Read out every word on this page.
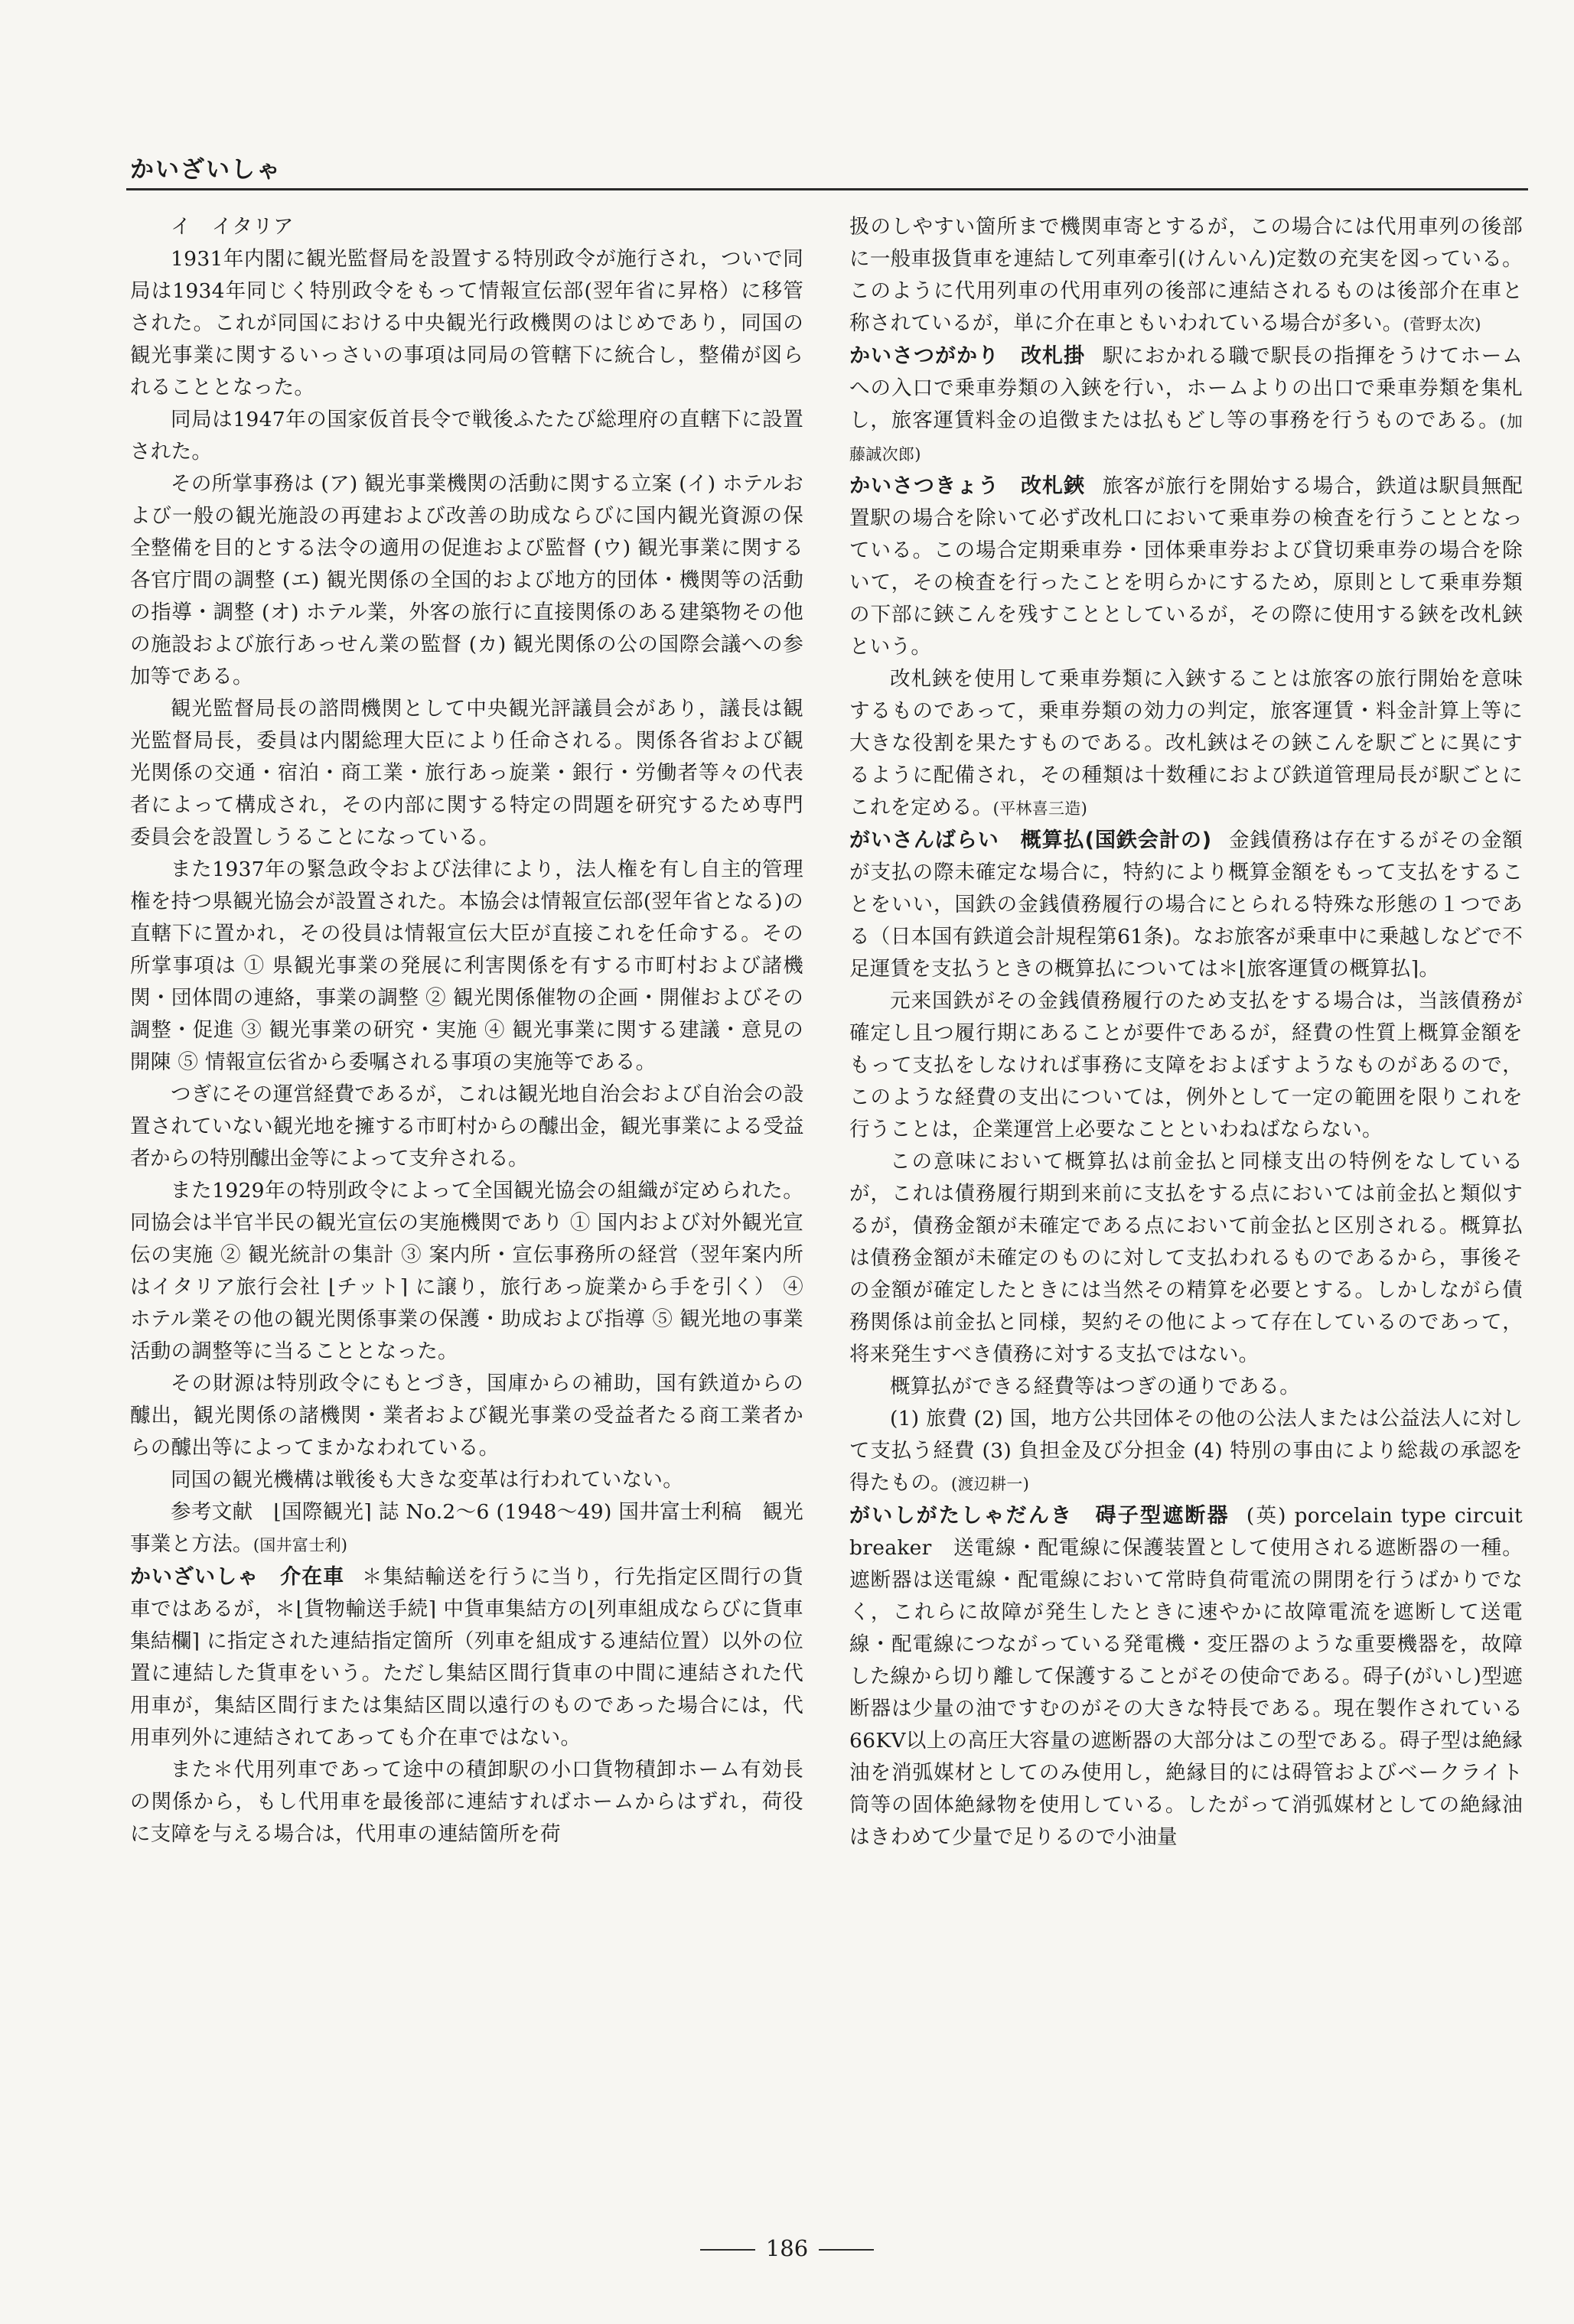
かいざいしゃ

イ　イタリア

1931年内閣に観光監督局を設置する特別政令が施行され，ついで同局は1934年同じく特別政令をもって情報宣伝部(翌年省に昇格）に移管された。これが同国における中央観光行政機関のはじめであり，同国の観光事業に関するいっさいの事項は同局の管轄下に統合し，整備が図られることとなった。

同局は1947年の国家仮首長令で戦後ふたたび総理府の直轄下に設置された。

その所掌事務は (ア) 観光事業機関の活動に関する立案 (イ) ホテルおよび一般の観光施設の再建および改善の助成ならびに国内観光資源の保全整備を目的とする法令の適用の促進および監督 (ウ) 観光事業に関する各官庁間の調整 (エ) 観光関係の全国的および地方的団体・機関等の活動の指導・調整 (オ) ホテル業，外客の旅行に直接関係のある建築物その他の施設および旅行あっせん業の監督 (カ) 観光関係の公の国際会議への参加等である。

観光監督局長の諮問機関として中央観光評議員会があり，議長は観光監督局長，委員は内閣総理大臣により任命される。関係各省および観光関係の交通・宿泊・商工業・旅行あっ旋業・銀行・労働者等々の代表者によって構成され，その内部に関する特定の問題を研究するため専門委員会を設置しうることになっている。

また1937年の緊急政令および法律により，法人権を有し自主的管理権を持つ県観光協会が設置された。本協会は情報宣伝部(翌年省となる)の直轄下に置かれ，その役員は情報宣伝大臣が直接これを任命する。その所掌事項は ① 県観光事業の発展に利害関係を有する市町村および諸機関・団体間の連絡，事業の調整 ② 観光関係催物の企画・開催およびその調整・促進 ③ 観光事業の研究・実施 ④ 観光事業に関する建議・意見の開陳 ⑤ 情報宣伝省から委嘱される事項の実施等である。

つぎにその運営経費であるが，これは観光地自治会および自治会の設置されていない観光地を擁する市町村からの醵出金，観光事業による受益者からの特別醵出金等によって支弁される。

また1929年の特別政令によって全国観光協会の組織が定められた。同協会は半官半民の観光宣伝の実施機関であり ① 国内および対外観光宣伝の実施 ② 観光統計の集計 ③ 案内所・宣伝事務所の経営（翌年案内所はイタリア旅行会社 ⌊チット⌉ に譲り，旅行あっ旋業から手を引く） ④ ホテル業その他の観光関係事業の保護・助成および指導 ⑤ 観光地の事業活動の調整等に当ることとなった。

その財源は特別政令にもとづき，国庫からの補助，国有鉄道からの醵出，観光関係の諸機関・業者および観光事業の受益者たる商工業者からの醵出等によってまかなわれている。

同国の観光機構は戦後も大きな変革は行われていない。

参考文献　⌊国際観光⌉ 誌 No.2～6 (1948～49) 国井富士利稿　観光事業と方法。(国井富士利)

かいざいしゃ　介在車 ＊集結輸送を行うに当り，行先指定区間行の貨車ではあるが，＊⌊貨物輸送手続⌉ 中貨車集結方の⌊列車組成ならびに貨車集結欄⌉ に指定された連結指定箇所（列車を組成する連結位置）以外の位置に連結した貨車をいう。ただし集結区間行貨車の中間に連結された代用車が，集結区間行または集結区間以遠行のものであった場合には，代用車列外に連結されてあっても介在車ではない。

また＊代用列車であって途中の積卸駅の小口貨物積卸ホーム有効長の関係から，もし代用車を最後部に連結すればホームからはずれ，荷役に支障を与える場合は，代用車の連結箇所を荷

扱のしやすい箇所まで機関車寄とするが，この場合には代用車列の後部に一般車扱貨車を連結して列車牽引(けんいん)定数の充実を図っている。このように代用列車の代用車列の後部に連結されるものは後部介在車と称されているが，単に介在車ともいわれている場合が多い。(菅野太次)

かいさつがかり　改札掛 駅におかれる職で駅長の指揮をうけてホームへの入口で乗車券類の入鋏を行い，ホームよりの出口で乗車券類を集札し，旅客運賃料金の追徴または払もどし等の事務を行うものである。(加藤誠次郎)

かいさつきょう　改札鋏 旅客が旅行を開始する場合，鉄道は駅員無配置駅の場合を除いて必ず改札口において乗車券の検査を行うこととなっている。この場合定期乗車券・団体乗車券および貸切乗車券の場合を除いて，その検査を行ったことを明らかにするため，原則として乗車券類の下部に鋏こんを残すこととしているが，その際に使用する鋏を改札鋏という。

改札鋏を使用して乗車券類に入鋏することは旅客の旅行開始を意味するものであって，乗車券類の効力の判定，旅客運賃・料金計算上等に大きな役割を果たすものである。改札鋏はその鋏こんを駅ごとに異にするように配備され，その種類は十数種におよび鉄道管理局長が駅ごとにこれを定める。(平林喜三造)

がいさんばらい　概算払(国鉄会計の) 金銭債務は存在するがその金額が支払の際未確定な場合に，特約により概算金額をもって支払をすることをいい，国鉄の金銭債務履行の場合にとられる特殊な形態の１つである（日本国有鉄道会計規程第61条)。なお旅客が乗車中に乗越しなどで不足運賃を支払うときの概算払については＊⌊旅客運賃の概算払⌉。

元来国鉄がその金銭債務履行のため支払をする場合は，当該債務が確定し且つ履行期にあることが要件であるが，経費の性質上概算金額をもって支払をしなければ事務に支障をおよぼすようなものがあるので，このような経費の支出については，例外として一定の範囲を限りこれを行うことは，企業運営上必要なことといわねばならない。

この意味において概算払は前金払と同様支出の特例をなしているが，これは債務履行期到来前に支払をする点においては前金払と類似するが，債務金額が未確定である点において前金払と区別される。概算払は債務金額が未確定のものに対して支払われるものであるから，事後その金額が確定したときには当然その精算を必要とする。しかしながら債務関係は前金払と同様，契約その他によって存在しているのであって，将来発生すべき債務に対する支払ではない。

概算払ができる経費等はつぎの通りである。

(1) 旅費 (2) 国，地方公共団体その他の公法人または公益法人に対して支払う経費 (3) 負担金及び分担金 (4) 特別の事由により総裁の承認を得たもの。(渡辺耕一)

がいしがたしゃだんき　碍子型遮断器 (英) porcelain type circuit breaker　送電線・配電線に保護装置として使用される遮断器の一種。遮断器は送電線・配電線において常時負荷電流の開閉を行うばかりでなく，これらに故障が発生したときに速やかに故障電流を遮断して送電線・配電線につながっている発電機・変圧器のような重要機器を，故障した線から切り離して保護することがその使命である。碍子(がいし)型遮断器は少量の油ですむのがその大きな特長である。現在製作されている66KV以上の高圧大容量の遮断器の大部分はこの型である。碍子型は絶縁油を消弧媒材としてのみ使用し，絶縁目的には碍管およびベークライト筒等の固体絶縁物を使用している。したがって消弧媒材としての絶縁油はきわめて少量で足りるので小油量

186
